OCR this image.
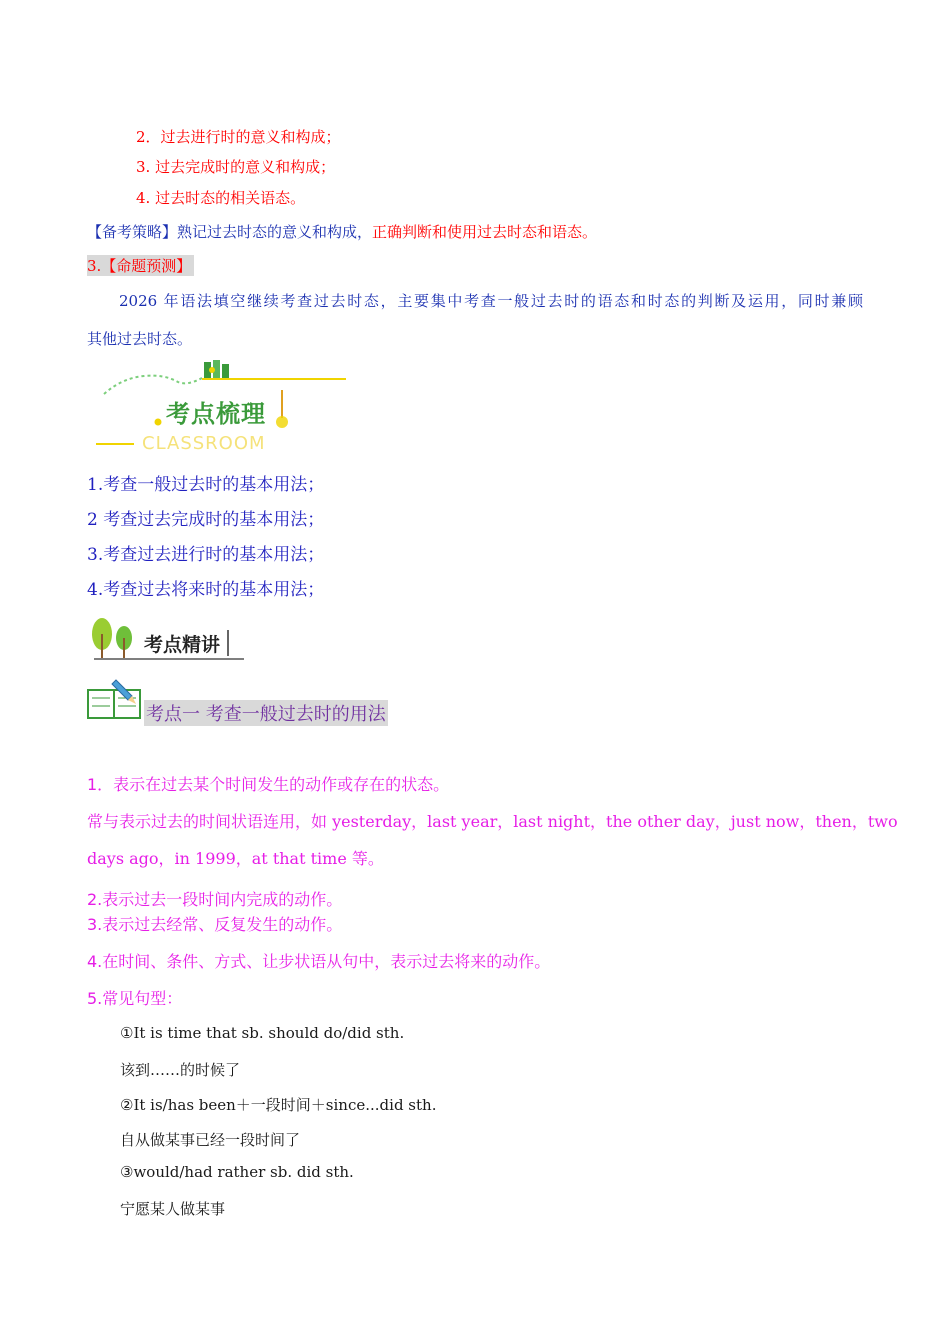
2．过去进行时的意义和构成；
3. 过去完成时的意义和构成；
4. 过去时态的相关语态。
【备考策略】熟记过去时态的意义和构成，正确判断和使用过去时态和语态。
3.【命题预测】
2026 年语法填空继续考查过去时态，主要集中考查一般过去时的语态和时态的判断及运用，同时兼顾
其他过去时态。
考点梳理
CLASSROOM
1.考查一般过去时的基本用法；
2 考查过去完成时的基本用法；
3.考查过去进行时的基本用法；
4.考查过去将来时的基本用法；
考点精讲
考点一 考查一般过去时的用法
1．表示在过去某个时间发生的动作或存在的状态。
常与表示过去的时间状语连用，如 yesterday，last year，last night，the other day，just now，then，two
days ago，in 1999，at that time 等。
2.表示过去一段时间内完成的动作。
3.表示过去经常、反复发生的动作。
4.在时间、条件、方式、让步状语从句中，表示过去将来的动作。
5.常见句型：
①It is time that sb. should do/did sth.
该到……的时候了
②It is/has been＋一段时间＋since...did sth.
自从做某事已经一段时间了
③would/had rather sb. did sth.
宁愿某人做某事
